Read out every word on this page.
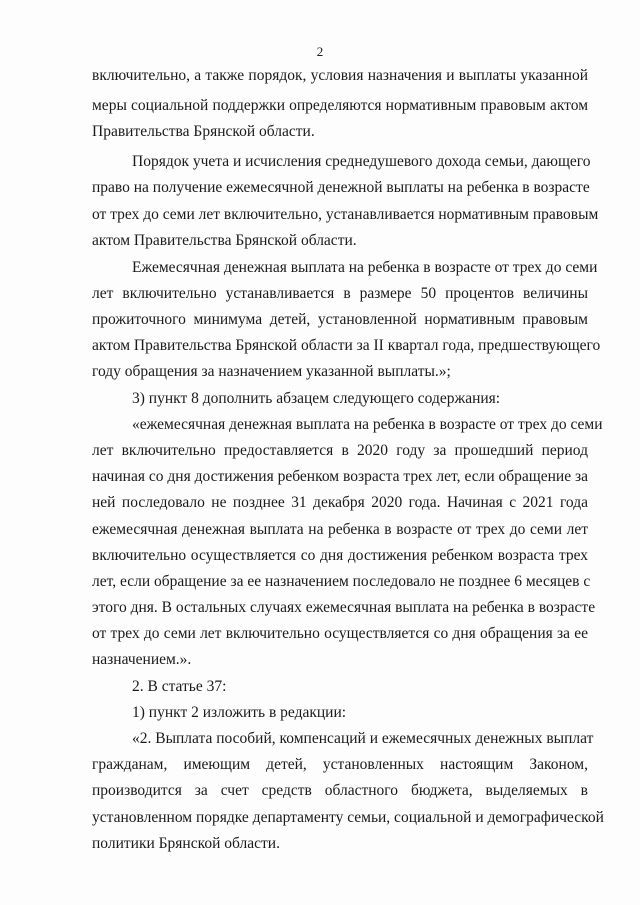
2
включительно, а также порядок, условия назначения и выплаты указанной
меры социальной поддержки определяются нормативным правовым актом
Правительства Брянской области.
Порядок учета и исчисления среднедушевого дохода семьи, дающего
право на получение ежемесячной денежной выплаты на ребенка в возрасте
от трех до семи лет включительно, устанавливается нормативным правовым
актом Правительства Брянской области.
Ежемесячная денежная выплата на ребенка в возрасте от трех до семи
лет включительно устанавливается в размере 50 процентов величины
прожиточного минимума детей, установленной нормативным правовым
актом Правительства Брянской области за II квартал года, предшествующего
году обращения за назначением указанной выплаты.»;
3) пункт 8 дополнить абзацем следующего содержания:
«ежемесячная денежная выплата на ребенка в возрасте от трех до семи
лет включительно предоставляется в 2020 году за прошедший период
начиная со дня достижения ребенком возраста трех лет, если обращение за
ней последовало не позднее 31 декабря 2020 года. Начиная с 2021 года
ежемесячная денежная выплата на ребенка в возрасте от трех до семи лет
включительно осуществляется со дня достижения ребенком возраста трех
лет, если обращение за ее назначением последовало не позднее 6 месяцев с
этого дня. В остальных случаях ежемесячная выплата на ребенка в возрасте
от трех до семи лет включительно осуществляется со дня обращения за ее
назначением.».
2. В статье 37:
1) пункт 2 изложить в редакции:
«2. Выплата пособий, компенсаций и ежемесячных денежных выплат
гражданам, имеющим детей, установленных настоящим Законом,
производится за счет средств областного бюджета, выделяемых в
установленном порядке департаменту семьи, социальной и демографической
политики Брянской области.
